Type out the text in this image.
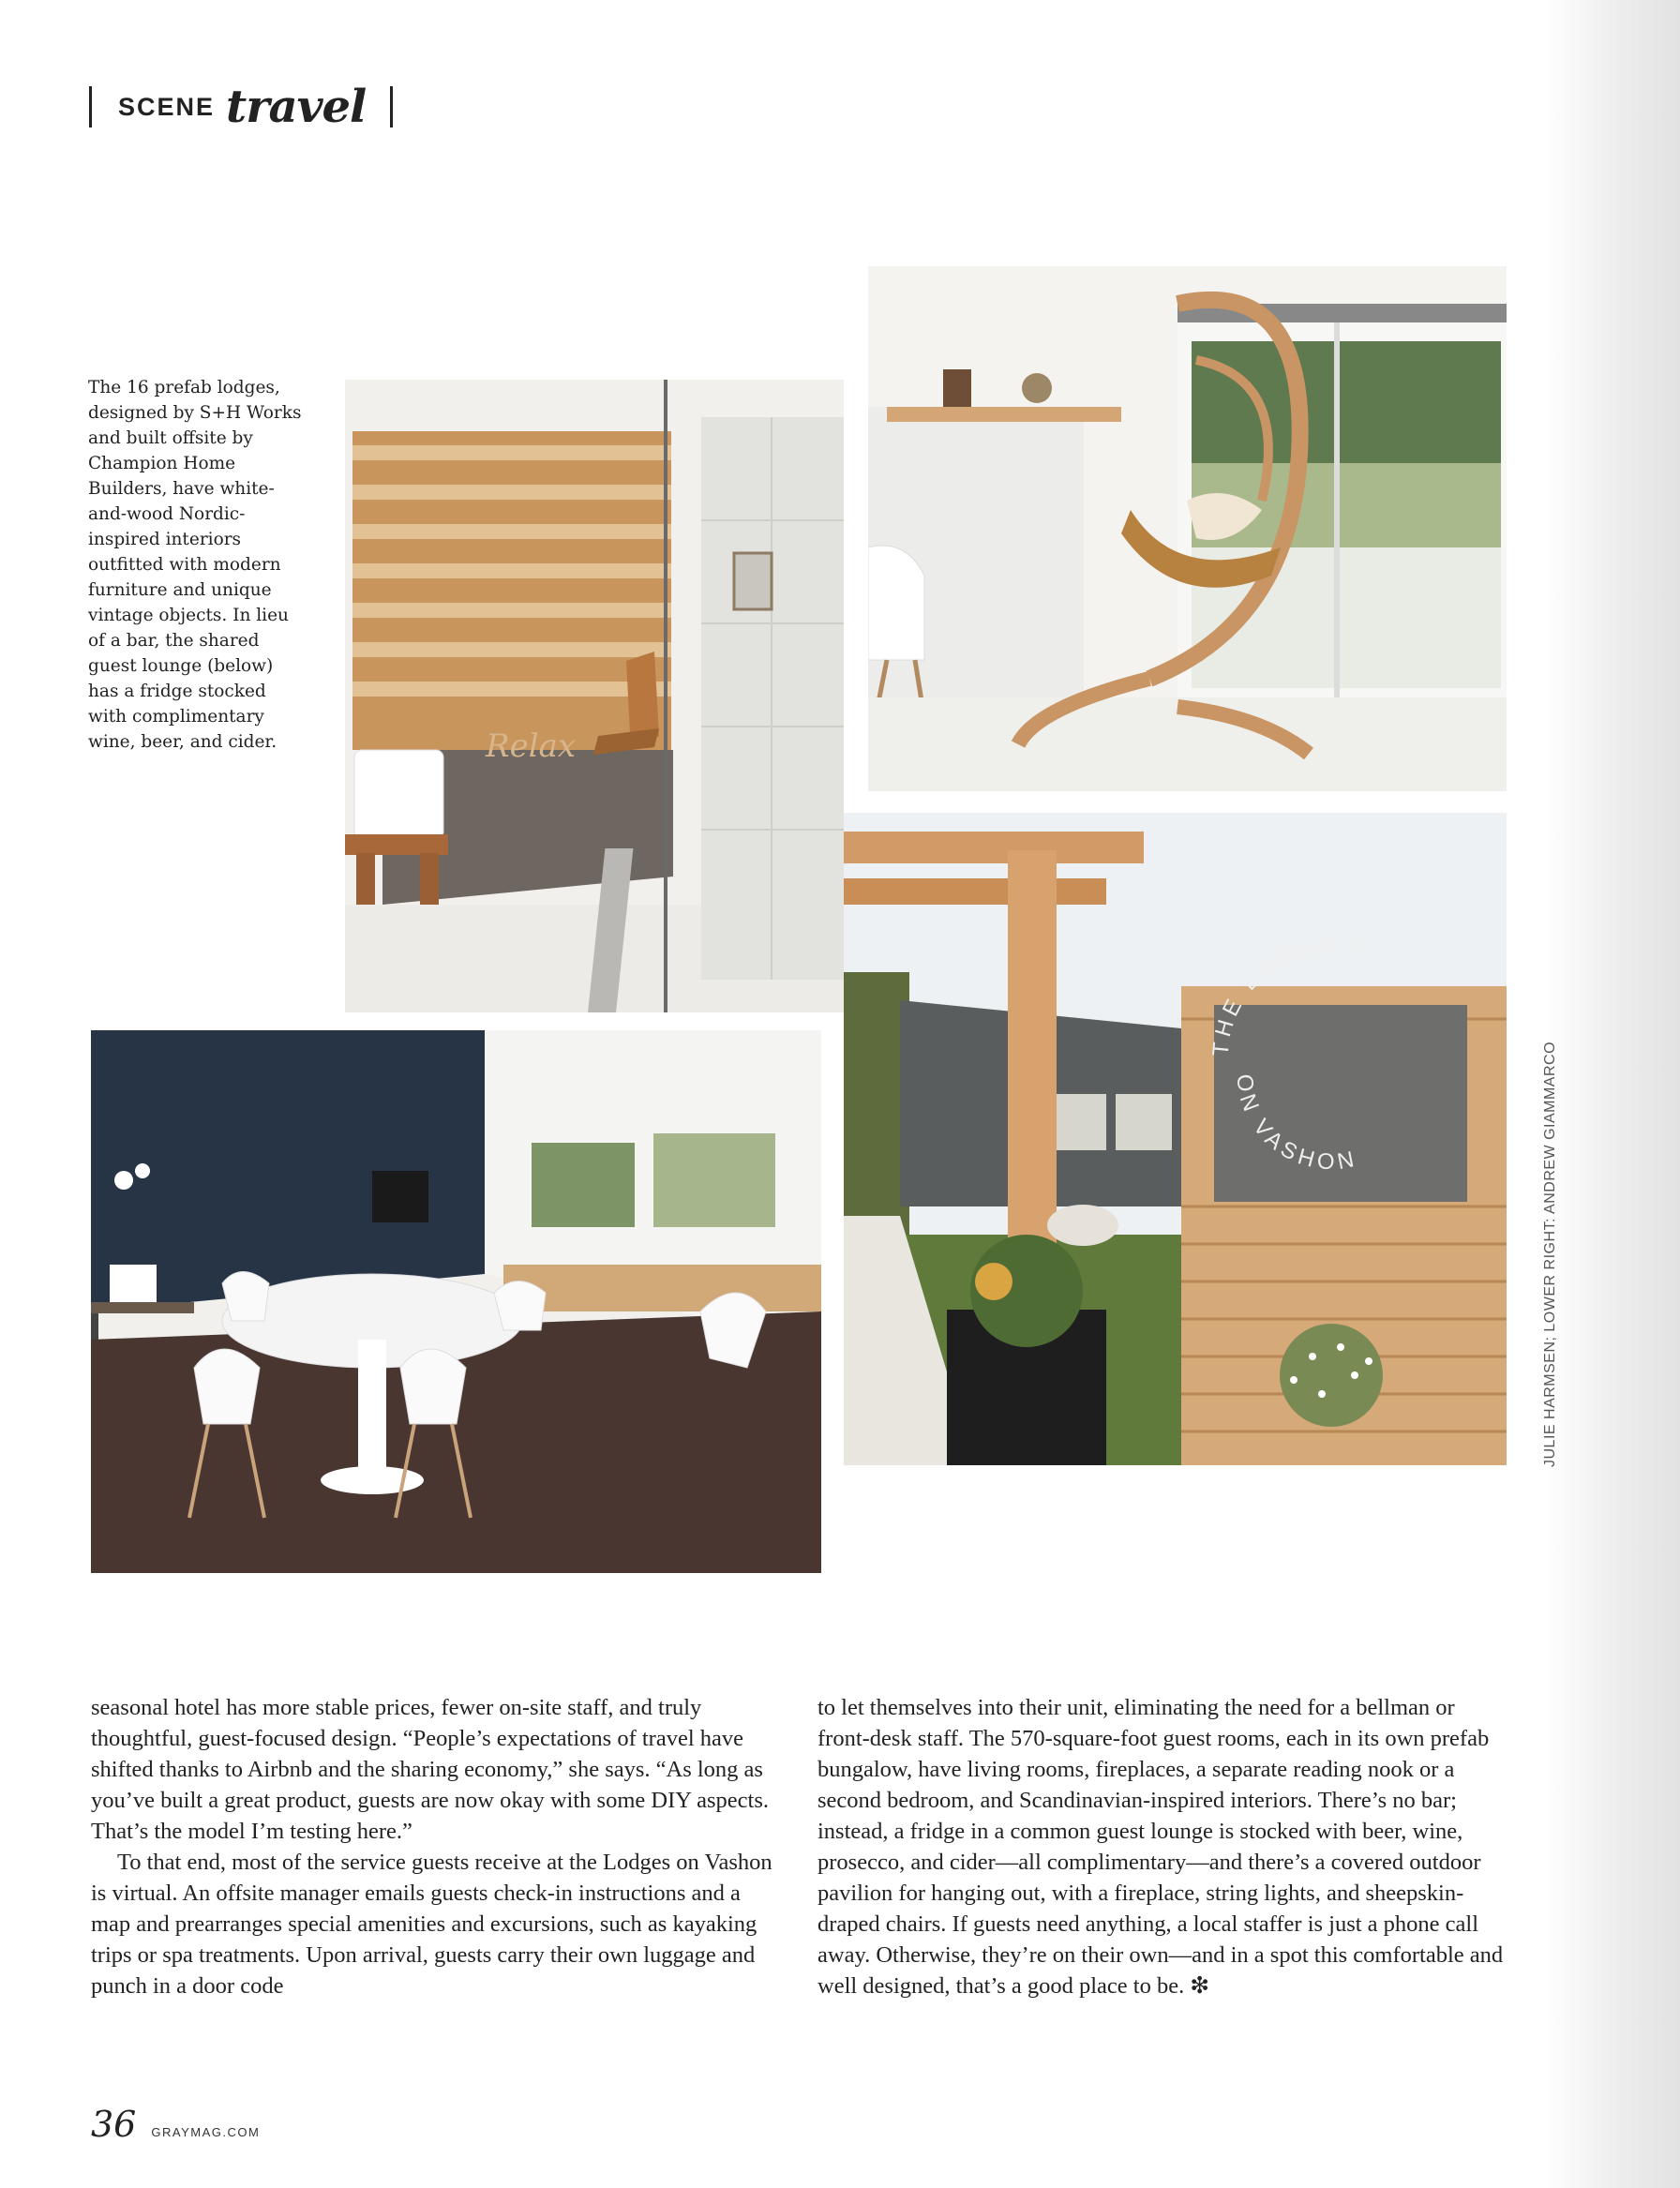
SCENE travel
The 16 prefab lodges, designed by S+H Works and built offsite by Champion Home Builders, have white-and-wood Nordic-inspired interiors outfitted with modern furniture and unique vintage objects. In lieu of a bar, the shared guest lounge (below) has a fridge stocked with complimentary wine, beer, and cider.	Relax
THE LODGES
ON VASHON	JULIE HARMSEN; LOWER RIGHT: ANDREW GIAMMARCO

seasonal hotel has more stable prices, fewer on-site staff, and truly thoughtful, guest-focused design. “People’s expectations of travel have shifted thanks to Airbnb and the sharing economy,” she says. “As long as you’ve built a great product, guests are now okay with some DIY aspects. That’s the model I’m testing here.”

To that end, most of the service guests receive at the Lodges on Vashon is virtual. An offsite manager emails guests check-in instructions and a map and prearranges special amenities and excursions, such as kayaking trips or spa treatments. Upon arrival, guests carry their own luggage and punch in a door code

to let themselves into their unit, eliminating the need for a bellman or front-desk staff. The 570-square-foot guest rooms, each in its own prefab bungalow, have living rooms, fireplaces, a separate reading nook or a second bedroom, and Scandinavian-inspired interiors. There’s no bar; instead, a fridge in a common guest lounge is stocked with beer, wine, prosecco, and cider—all complimentary—and there’s a covered outdoor pavilion for hanging out, with a fireplace, string lights, and sheepskin-draped chairs. If guests need anything, a local staffer is just a phone call away. Otherwise, they’re on their own—and in a spot this comfortable and well designed, that’s a good place to be. ❇

36 GRAYMAG.COM
